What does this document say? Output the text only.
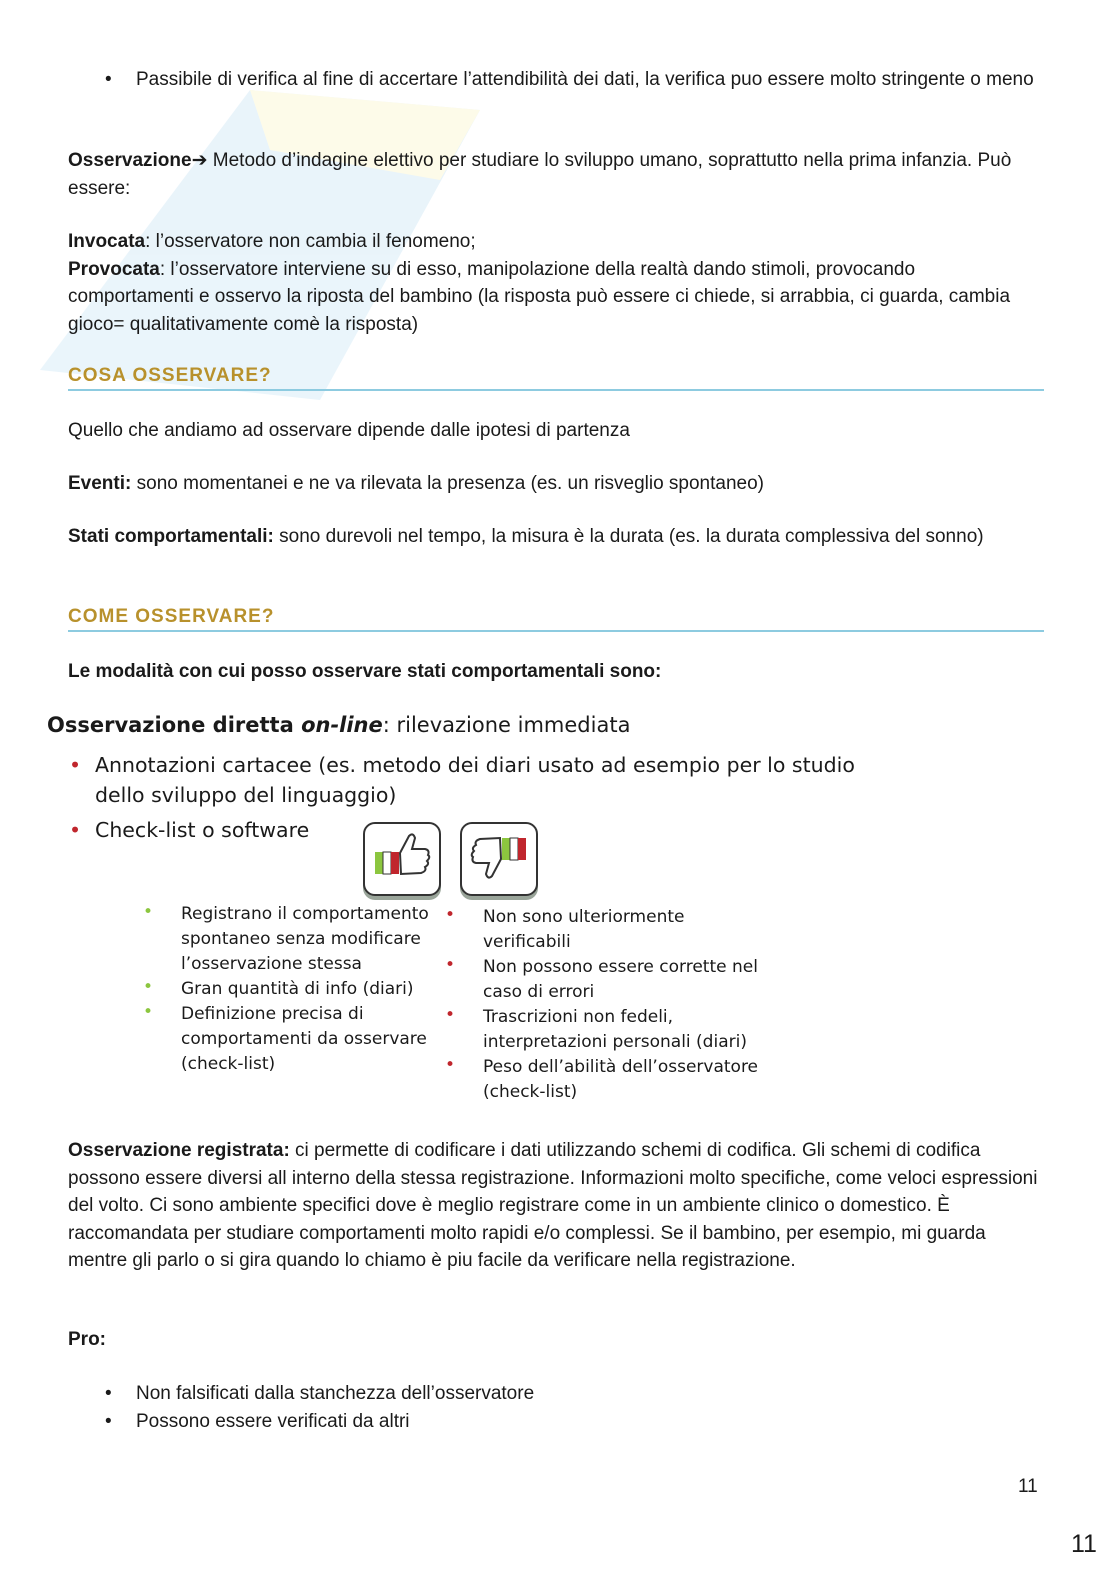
• Passibile di verifica al fine di accertare l’attendibilità dei dati, la verifica puo essere molto stringente o meno

Osservazione➔ Metodo d’indagine elettivo per studiare lo sviluppo umano, soprattutto nella prima infanzia. Può essere:

Invocata: l’osservatore non cambia il fenomeno;
Provocata: l’osservatore interviene su di esso, manipolazione della realtà dando stimoli, provocando comportamenti e osservo la riposta del bambino (la risposta può essere ci chiede, si arrabbia, ci guarda, cambia gioco= qualitativamente comè la risposta)

COSA OSSERVARE?

Quello che andiamo ad osservare dipende dalle ipotesi di partenza

Eventi: sono momentanei e ne va rilevata la presenza (es. un risveglio spontaneo)

Stati comportamentali: sono durevoli nel tempo, la misura è la durata (es. la durata complessiva del sonno)

COME OSSERVARE?

Le modalità con cui posso osservare stati comportamentali sono:

Osservazione diretta on-line: rilevazione immediata
• Annotazioni cartacee (es. metodo dei diari usato ad esempio per lo studio dello sviluppo del linguaggio)
• Check-list o software
• Registrano il comportamento spontaneo senza modificare l’osservazione stessa
• Gran quantità di info (diari)
• Definizione precisa di comportamenti da osservare (check-list)
• Non sono ulteriormente verificabili
• Non possono essere corrette nel caso di errori
• Trascrizioni non fedeli, interpretazioni personali (diari)
• Peso dell’abilità dell’osservatore (check-list)

Osservazione registrata: ci permette di codificare i dati utilizzando schemi di codifica. Gli schemi di codifica possono essere diversi all interno della stessa registrazione. Informazioni molto specifiche, come veloci espressioni del volto. Ci sono ambiente specifici dove è meglio registrare come in un ambiente clinico o domestico. È raccomandata per studiare comportamenti molto rapidi e/o complessi. Se il bambino, per esempio, mi guarda mentre gli parlo o si gira quando lo chiamo è piu facile da verificare nella registrazione.

Pro:

• Non falsificati dalla stanchezza dell’osservatore
• Possono essere verificati da altri
11
11
